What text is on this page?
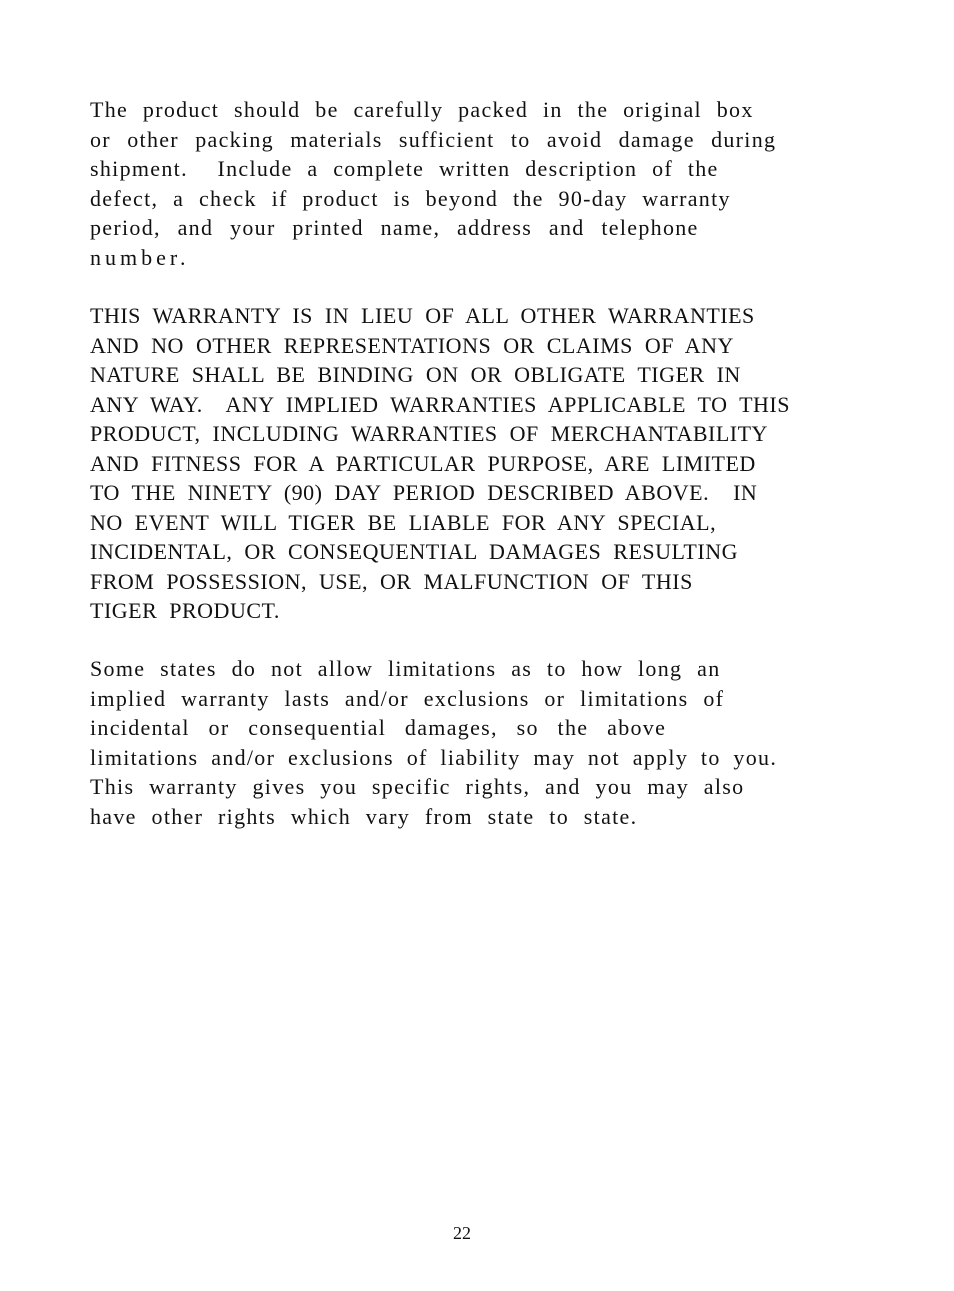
The product should be carefully packed in the original box
or other packing materials sufficient to avoid damage during
shipment.  Include a complete written description of the
defect, a check if product is beyond the 90-day warranty
period, and your printed name, address and telephone
number.
THIS WARRANTY IS IN LIEU OF ALL OTHER WARRANTIES
AND NO OTHER REPRESENTATIONS OR CLAIMS OF ANY
NATURE SHALL BE BINDING ON OR OBLIGATE TIGER IN
ANY WAY.  ANY IMPLIED WARRANTIES APPLICABLE TO THIS
PRODUCT, INCLUDING WARRANTIES OF MERCHANTABILITY
AND FITNESS FOR A PARTICULAR PURPOSE, ARE LIMITED
TO THE NINETY (90) DAY PERIOD DESCRIBED ABOVE.  IN
NO EVENT WILL TIGER BE LIABLE FOR ANY SPECIAL,
INCIDENTAL, OR CONSEQUENTIAL DAMAGES RESULTING
FROM POSSESSION, USE, OR MALFUNCTION OF THIS
TIGER PRODUCT.
Some states do not allow limitations as to how long an
implied warranty lasts and/or exclusions or limitations of
incidental or consequential damages, so the above
limitations and/or exclusions of liability may not apply to you.
This warranty gives you specific rights, and you may also
have other rights which vary from state to state.
22
